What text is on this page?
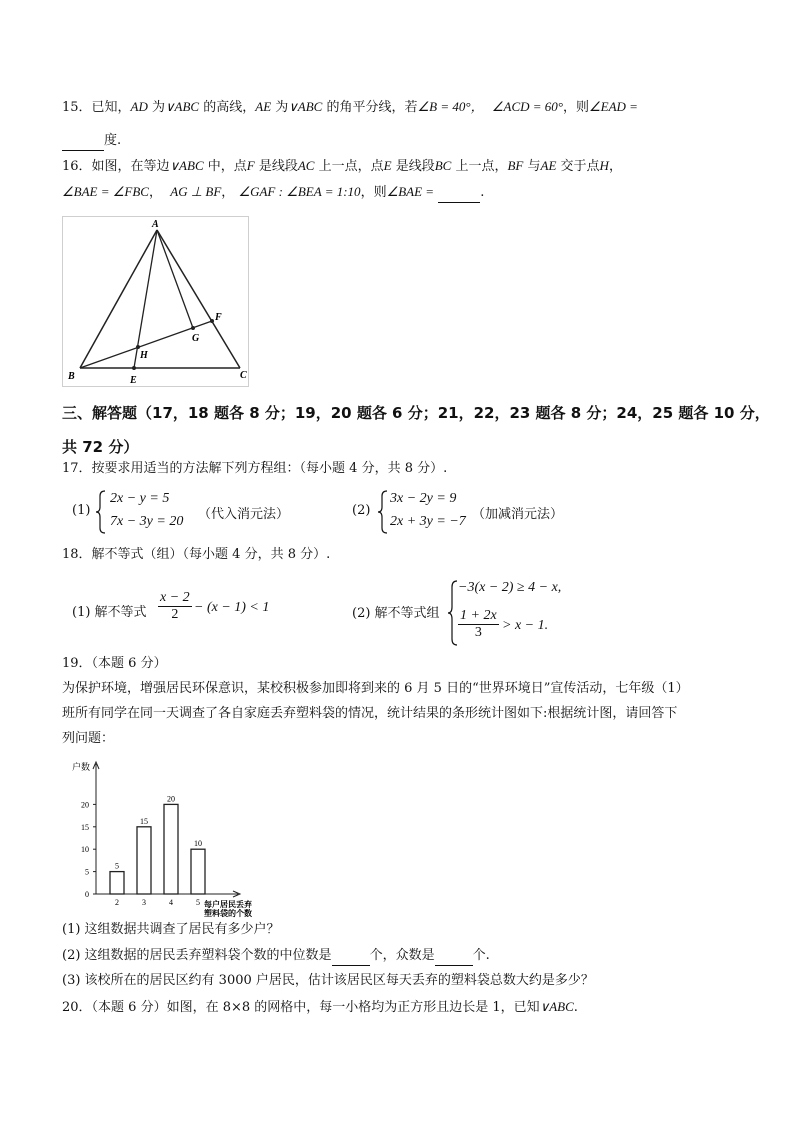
15．已知，AD 为∨ABC 的高线，AE 为∨ABC 的角平分线，若∠B = 40°， ∠ACD = 60°，则∠EAD =
度.
16．如图，在等边∨ABC 中，点F 是线段AC 上一点，点E 是线段BC 上一点，BF 与AE 交于点H，
∠BAE = ∠FBC， AG ⊥ BF， ∠GAF : ∠BEA = 1:10，则∠BAE =	.
A
B	C
E
F
G
H
三、解答题（17，18 题各 8 分；19，20 题各 6 分；21，22，23 题各 8 分；24，25 题各 10 分，
共 72 分）
17．按要求用适当的方法解下列方程组：（每小题 4 分，共 8 分）.
(1)
2x − y = 5
7x − 3y = 20 （代入消元法）	(2)
3x − 2y = 9
2x + 3y = −7 （加减消元法）
18．解不等式（组）（每小题 4 分，共 8 分）.
(1) 解不等式 $\frac{x - 2}{2} - (x - 1) < 1$	(2) 解不等式组
−3(x − 2) ≥ 4 − x,
$\frac{1 + 2x}{3} > x - 1$.
19．（本题 6 分）
为保护环境，增强居民环保意识，某校积极参加即将到来的 6 月 5 日的“世界环境日”宣传活动，七年级（1）
班所有同学在同一天调查了各自家庭丢弃塑料袋的情况，统计结果的条形统计图如下:根据统计图，请回答下
列问题：
0
5
10
15
20
5
2
15
3
20
4
10
5
户数
每户居民丢弃
塑料袋的个数
(1) 这组数据共调查了居民有多少户？
(2) 这组数据的居民丢弃塑料袋个数的中位数是	个，众数是	个.
(3) 该校所在的居民区约有 3000 户居民，估计该居民区每天丢弃的塑料袋总数大约是多少？
20．（本题 6 分）如图，在 8×8 的网格中，每一小格均为正方形且边长是 1，已知∨ABC.
